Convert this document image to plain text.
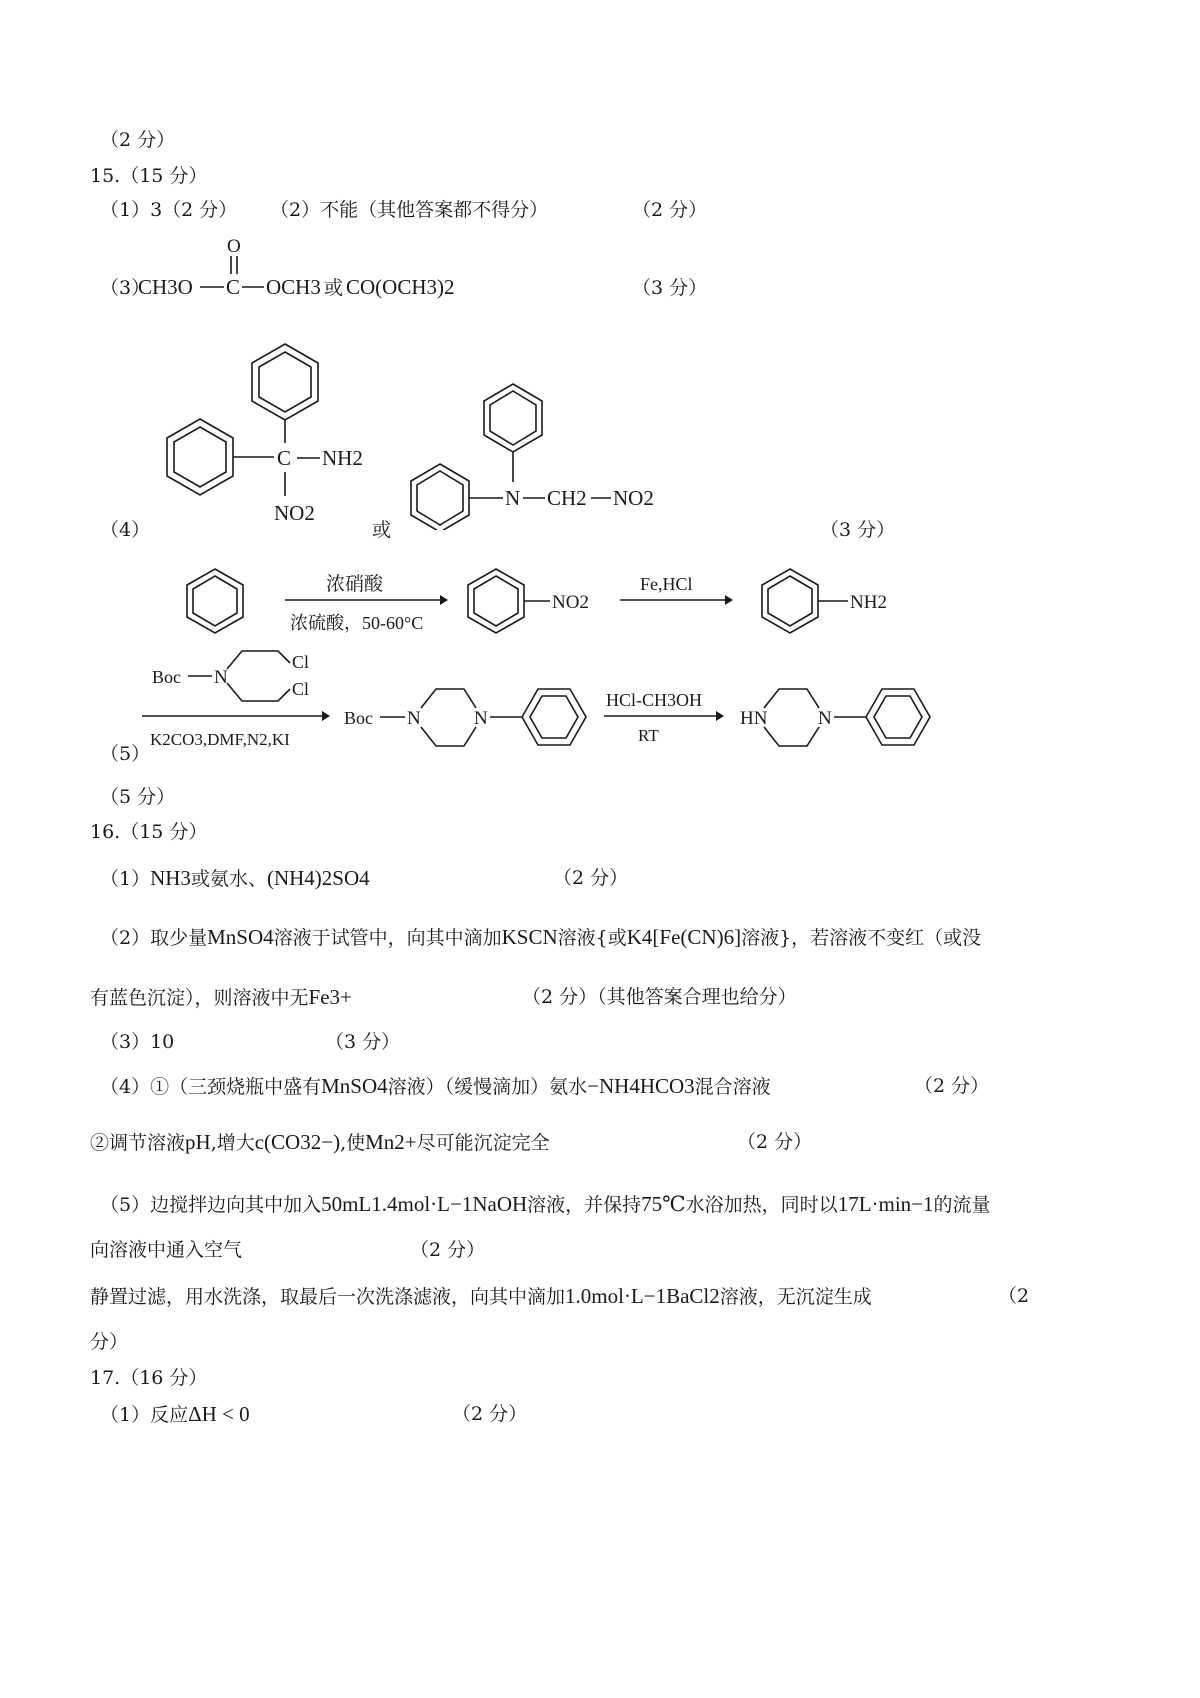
（2 分）
15.（15 分）
（1）3（2 分） （2）不能（其他答案都不得分）	（2 分）
（3）
CH3O C
O
OCH3 或 CO(OCH3)2	（3 分）
（4）
C NH2
NO2
或
N CH2 NO2
（3 分）
浓硝酸
浓硫酸，50-60°C
NO2
Fe,HCl
NH2
Boc N
Cl
Cl
K2CO3,DMF,N2,KI
Boc N	N
HCl-CH3OH
RT
HN	N
（5）
（5 分）
16.（15 分）
（1）NH3或氨水、(NH4)2SO4	（2 分）
（2）取少量MnSO4溶液于试管中，向其中滴加KSCN溶液{或K4[Fe(CN)6]溶液}，若溶液不变红（或没
有蓝色沉淀），则溶液中无Fe3+	（2 分）（其他答案合理也给分）
（3）10	（3 分）
（4）①（三颈烧瓶中盛有MnSO4溶液）（缓慢滴加）氨水−NH4HCO3混合溶液	（2 分）
②调节溶液pH,增大c(CO32−),使Mn2+尽可能沉淀完全	（2 分）
（5）边搅拌边向其中加入50mL1.4mol·L−1NaOH溶液，并保持75℃水浴加热，同时以17L·min−1的流量
向溶液中通入空气	（2 分）
静置过滤，用水洗涤，取最后一次洗涤滤液，向其中滴加1.0mol·L−1BaCl2溶液，无沉淀生成	（2
分）
17.（16 分）
（1）反应ΔH < 0	（2 分）
